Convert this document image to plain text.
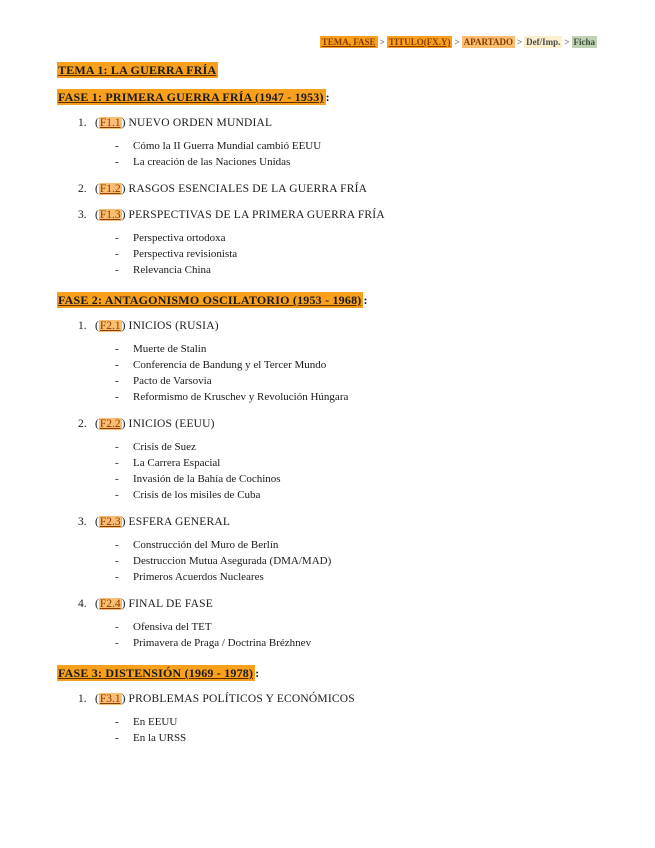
TEMA, FASE > TITULO(FX.Y) > APARTADO > Def/Imp. > Ficha
TEMA 1: LA GUERRA FRÍA
FASE 1: PRIMERA GUERRA FRÍA (1947 - 1953) :
1. (F1.1) NUEVO ORDEN MUNDIAL
-	Cómo la II Guerra Mundial cambió EEUU
-	La creación de las Naciones Unidas
2. (F1.2) RASGOS ESENCIALES DE LA GUERRA FRÍA
3. (F1.3) PERSPECTIVAS DE LA PRIMERA GUERRA FRÍA
-	Perspectiva ortodoxa
-	Perspectiva revisionista
-	Relevancia China
FASE 2: ANTAGONISMO OSCILATORIO (1953 - 1968) :
1. (F2.1) INICIOS (RUSIA)
-	Muerte de Stalin
-	Conferencia de Bandung y el Tercer Mundo
-	Pacto de Varsovia
-	Reformismo de Kruschev y Revolución Húngara
2. (F2.2) INICIOS (EEUU)
-	Crisis de Suez
-	La Carrera Espacial
-	Invasión de la Bahía de Cochinos
-	Crisis de los misiles de Cuba
3. (F2.3) ESFERA GENERAL
-	Construcción del Muro de Berlín
-	Destruccion Mutua Asegurada (DMA/MAD)
-	Primeros Acuerdos Nucleares
4. (F2.4) FINAL DE FASE
-	Ofensiva del TET
-	Primavera de Praga / Doctrina Brézhnev
FASE 3: DISTENSIÓN (1969 - 1978) :
1. (F3.1) PROBLEMAS POLÍTICOS Y ECONÓMICOS
-	En EEUU
-	En la URSS
